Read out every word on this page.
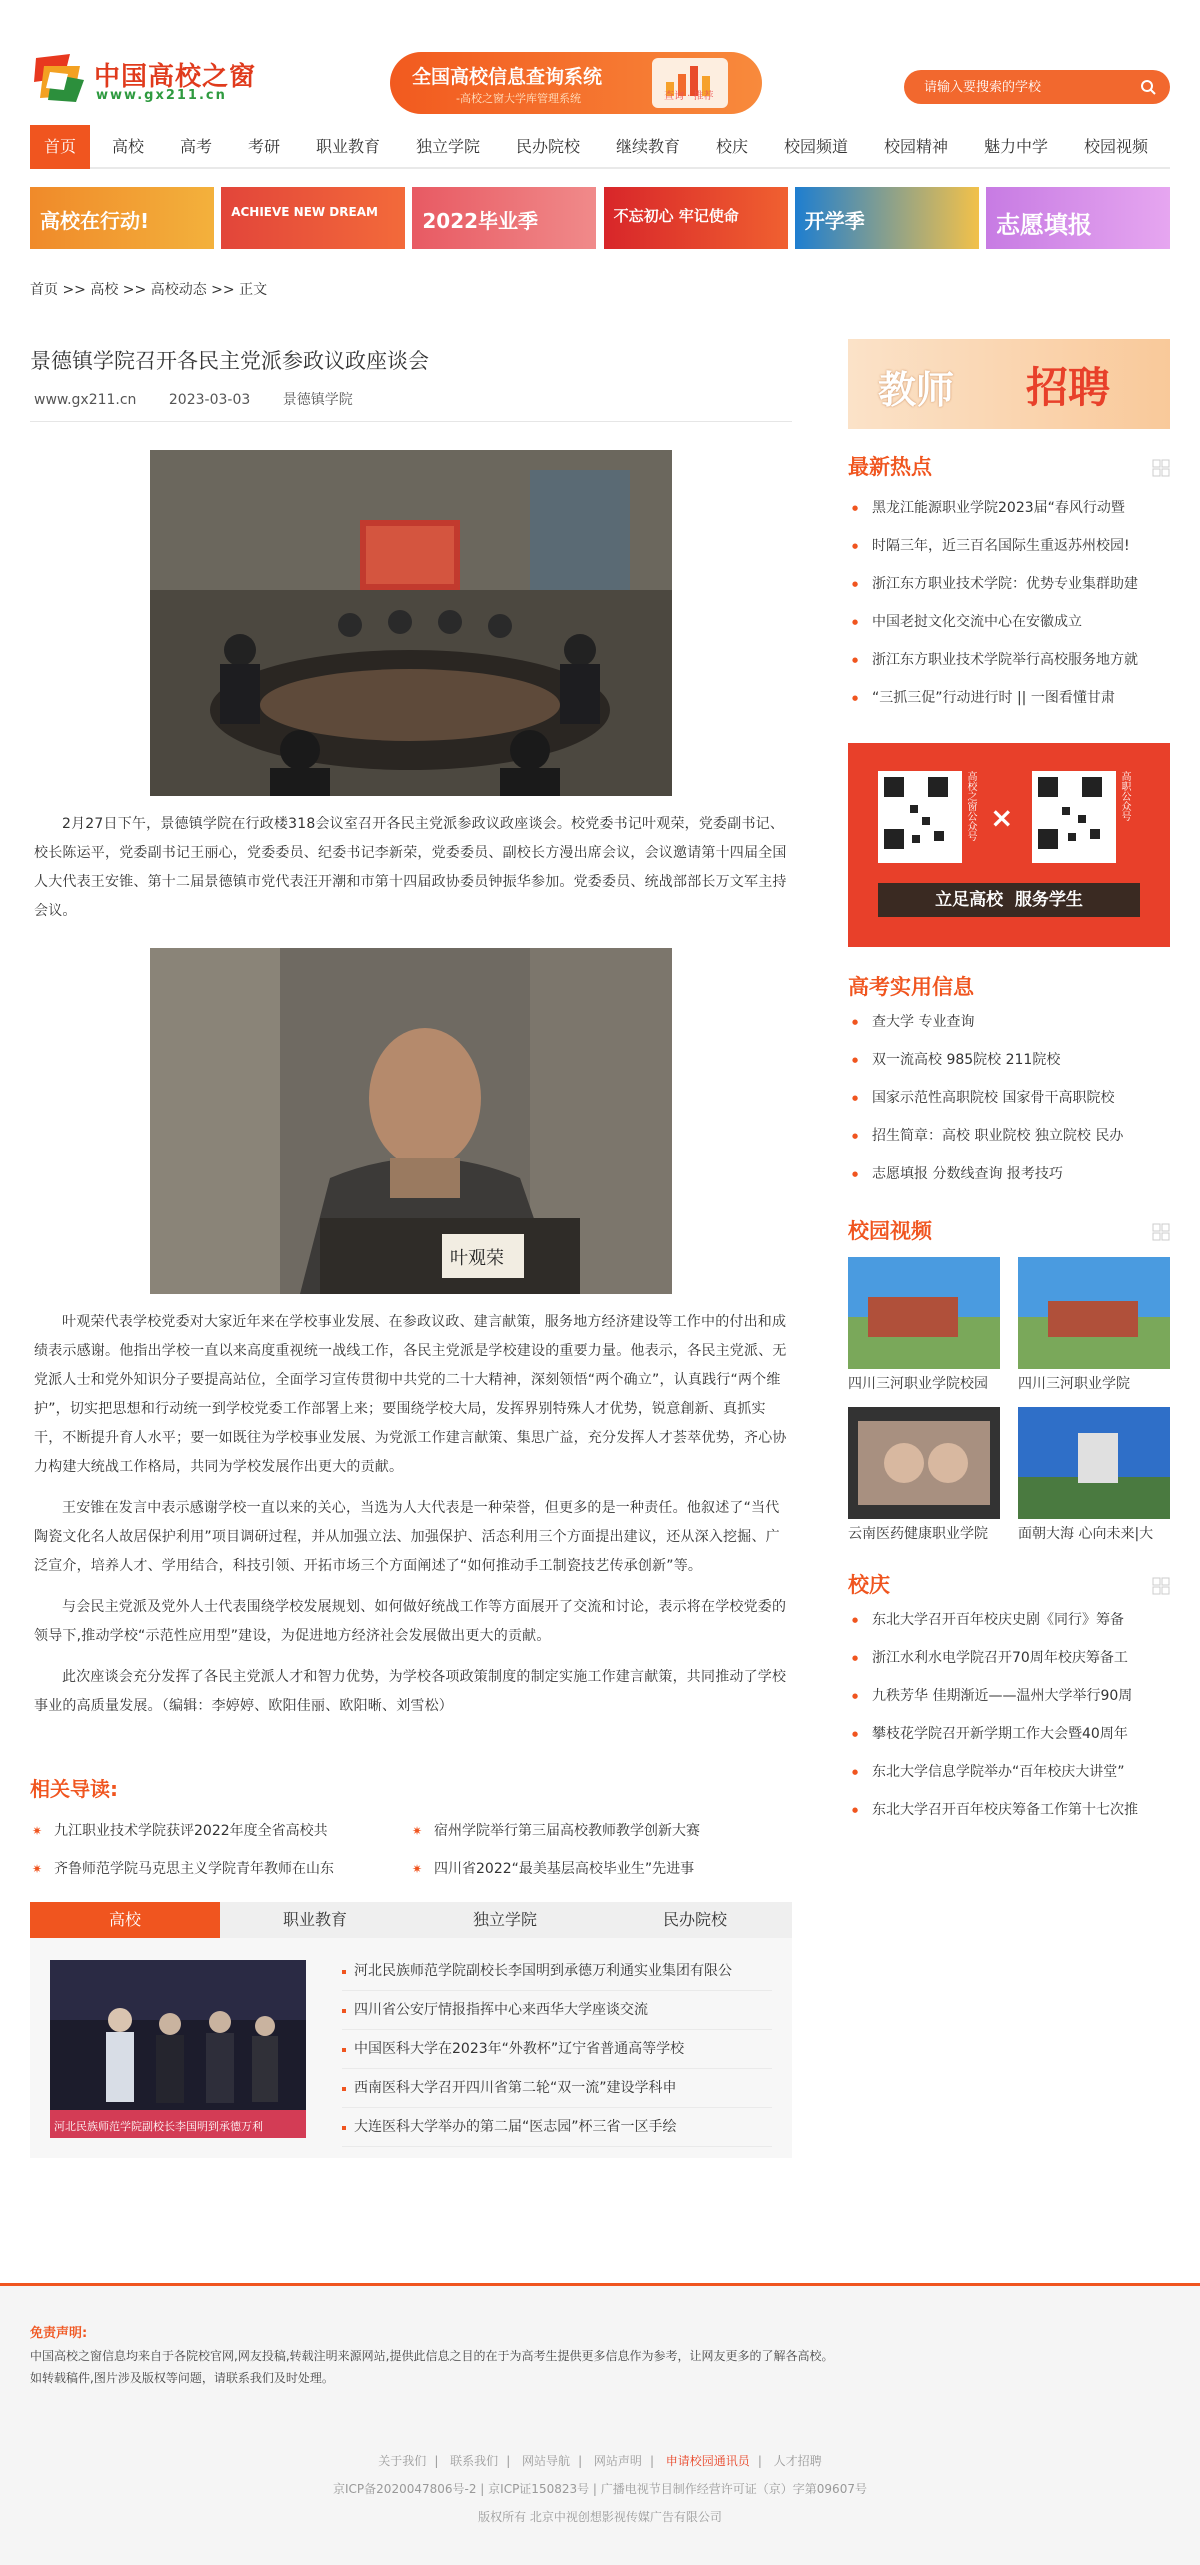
中国高校之窗
www.gx211.cn
全国高校信息查询系统
-高校之窗大学库管理系统	查询 · 推荐
请输入要搜索的学校
首页	高校	高考	考研	职业教育	独立学院	民办院校	继续教育	校庆	校园频道	校园精神	魅力中学	校园视频
高校在行动!	ACHIEVE NEW DREAM 2022毕业季	不忘初心 牢记使命	开学季	志愿填报
首页 >> 高校 >> 高校动态 >> 正文
景德镇学院召开各民主党派参政议政座谈会
www.gx211.cn 2023-03-03 景德镇学院

2月27日下午，景德镇学院在行政楼318会议室召开各民主党派参政议政座谈会。校党委书记叶观荣，党委副书记、校长陈运平，党委副书记王丽心，党委委员、纪委书记李新荣，党委委员、副校长方漫出席会议，会议邀请第十四届全国人大代表王安锥、第十二届景德镇市党代表汪开潮和市第十四届政协委员钟振华参加。党委委员、统战部部长万文军主持会议。

叶观荣

叶观荣代表学校党委对大家近年来在学校事业发展、在参政议政、建言献策，服务地方经济建设等工作中的付出和成绩表示感谢。他指出学校一直以来高度重视统一战线工作，各民主党派是学校建设的重要力量。他表示，各民主党派、无党派人士和党外知识分子要提高站位，全面学习宣传贯彻中共党的二十大精神，深刻领悟“两个确立”，认真践行“两个维护”，切实把思想和行动统一到学校党委工作部署上来；要围绕学校大局，发挥界别特殊人才优势，锐意創新、真抓实干，不断提升育人水平；要一如既往为学校事业发展、为党派工作建言献策、集思广益，充分发挥人才荟萃优势，齐心协力构建大统战工作格局，共同为学校发展作出更大的贡献。

王安锥在发言中表示感谢学校一直以来的关心，当选为人大代表是一种荣誉，但更多的是一种责任。他叙述了“当代陶瓷文化名人故居保护利用”项目调研过程，并从加强立法、加强保护、活态利用三个方面提出建议，还从深入挖掘、广泛宣介，培养人才、学用结合，科技引领、开拓市场三个方面阐述了“如何推动手工制瓷技艺传承创新”等。

与会民主党派及党外人士代表围绕学校发展规划、如何做好统战工作等方面展开了交流和讨论，表示将在学校党委的领导下,推动学校“示范性应用型”建设，为促进地方经济社会发展做出更大的贡献。

此次座谈会充分发挥了各民主党派人才和智力优势，为学校各项政策制度的制定实施工作建言献策，共同推动了学校事业的高质量发展。（编辑：李婷婷、欧阳佳丽、欧阳晰、刘雪松）

相关导读:
✷ 九江职业技术学院获评2022年度全省高校共	✷ 宿州学院举行第三届高校教师教学创新大赛
✷ 齐鲁师范学院马克思主义学院青年教师在山东	✷ 四川省2022“最美基层高校毕业生”先进事
高校	职业教育	独立学院	民办院校
河北民族师范学院副校长李国明到承德万利
河北民族师范学院副校长李国明到承德万利通实业集团有限公
四川省公安厅情报指挥中心来西华大学座谈交流
中国医科大学在2023年“外教杯”辽宁省普通高等学校
西南医科大学召开四川省第二轮“双一流”建设学科申
大连医科大学举办的第二届“医志园”杯三省一区手绘
教师 招聘
最新热点
● 黑龙江能源职业学院2023届“春风行动暨
● 时隔三年，近三百名国际生重返苏州校园!
● 浙江东方职业技术学院：优势专业集群助建
● 中国老挝文化交流中心在安徽成立
● 浙江东方职业技术学院举行高校服务地方就
● “三抓三促”行动进行时 || 一图看懂甘肃
高校之窗公众号 ×	高职公众号
立足高校  服务学生
高考实用信息
● 查大学 专业查询
● 双一流高校 985院校 211院校
● 国家示范性高职院校 国家骨干高职院校
● 招生简章：高校 职业院校 独立院校 民办
● 志愿填报 分数线查询 报考技巧
校园视频
四川三河职业学院校园	四川三河职业学院
云南医药健康职业学院	面朝大海 心向未来|大
校庆
● 东北大学召开百年校庆史剧《同行》筹备
● 浙江水利水电学院召开70周年校庆筹备工
● 九秩芳华 佳期渐近——温州大学举行90周
● 攀枝花学院召开新学期工作大会暨40周年
● 东北大学信息学院举办“百年校庆大讲堂”
● 东北大学召开百年校庆筹备工作第十七次推
免责声明:
中国高校之窗信息均来自于各院校官网,网友投稿,转载注明来源网站,提供此信息之目的在于为高考生提供更多信息作为参考，让网友更多的了解各高校。
如转载稿件,图片涉及版权等问题，请联系我们及时处理。
关于我们 | 联系我们 | 网站导航 | 网站声明 | 申请校园通讯员 | 人才招聘
京ICP备2020047806号-2 | 京ICP证150823号 | 广播电视节目制作经营许可证（京）字第09607号
版权所有 北京中视创想影视传媒广告有限公司
